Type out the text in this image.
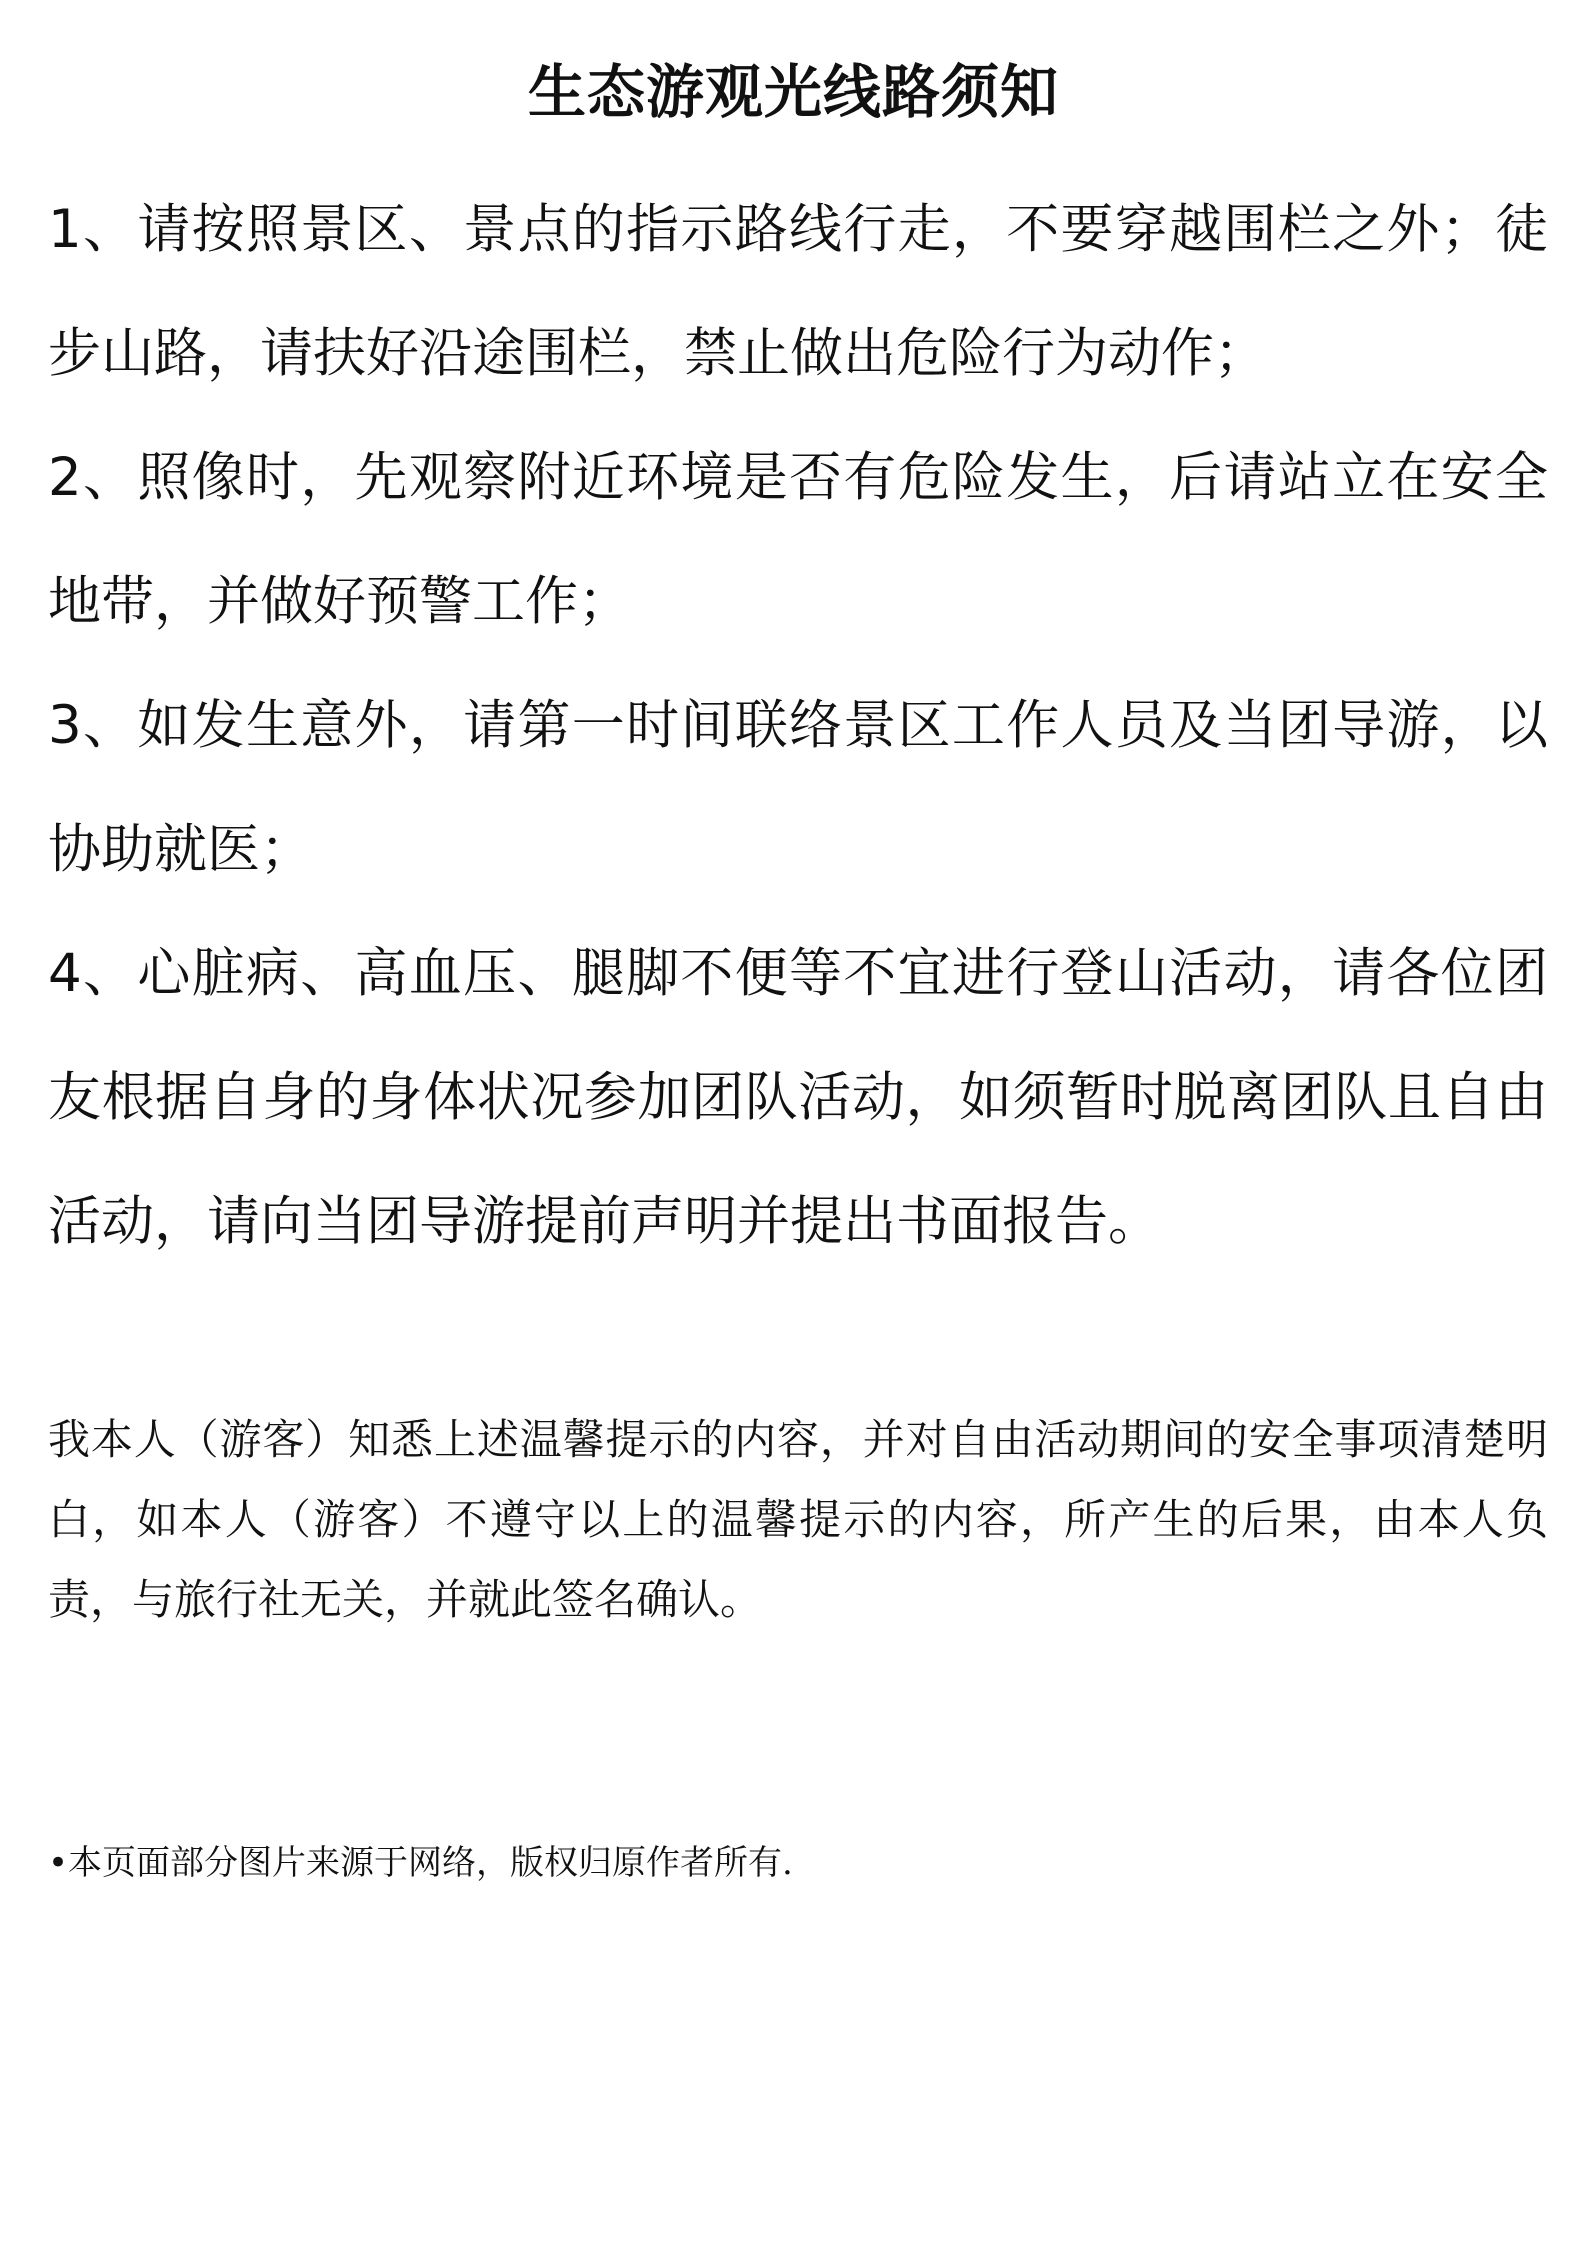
生态游观光线路须知
1、请按照景区、景点的指示路线行走，不要穿越围栏之外；徒步山路，请扶好沿途围栏，禁止做出危险行为动作；
2、照像时，先观察附近环境是否有危险发生，后请站立在安全地带，并做好预警工作；
3、如发生意外，请第一时间联络景区工作人员及当团导游，以协助就医；
4、心脏病、高血压、腿脚不便等不宜进行登山活动，请各位团友根据自身的身体状况参加团队活动，如须暂时脱离团队且自由活动，请向当团导游提前声明并提出书面报告。

我本人（游客）知悉上述温馨提示的内容，并对自由活动期间的安全事项清楚明白，如本人（游客）不遵守以上的温馨提示的内容，所产生的后果，由本人负责，与旅行社无关，并就此签名确认。

•本页面部分图片来源于网络，版权归原作者所有.
